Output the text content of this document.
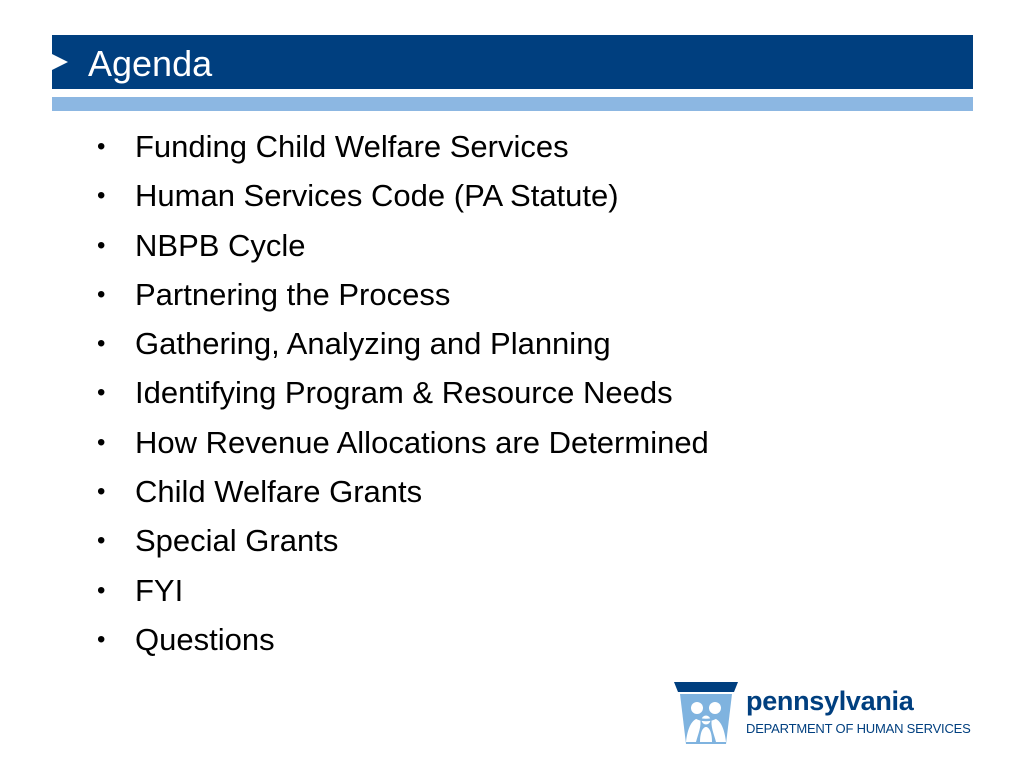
Agenda
• Funding Child Welfare Services
• Human Services Code (PA Statute)
• NBPB Cycle
• Partnering the Process
• Gathering, Analyzing and Planning
• Identifying Program & Resource Needs
• How Revenue Allocations are Determined
• Child Welfare Grants
• Special Grants
• FYI
• Questions
pennsylvania
DEPARTMENT OF HUMAN SERVICES
